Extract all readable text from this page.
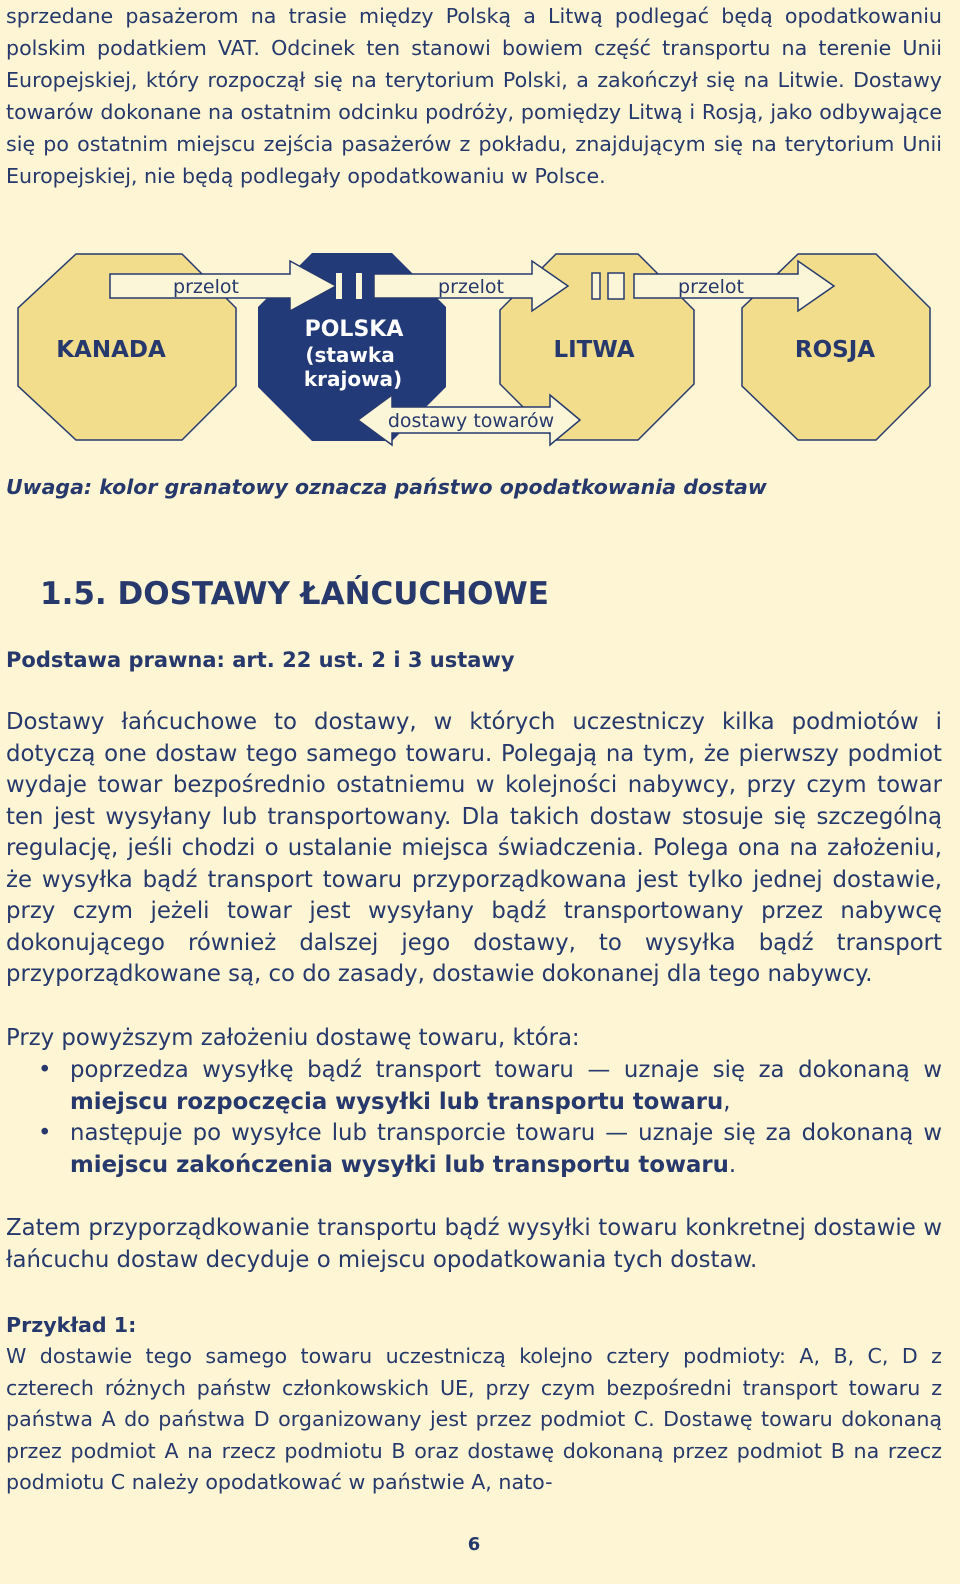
sprzedane pasażerom na trasie między Polską a Litwą podlegać będą opodatkowaniu polskim podatkiem VAT. Odcinek ten stanowi bowiem część transportu na terenie Unii Europejskiej, który rozpoczął się na terytorium Polski, a zakończył się na Litwie. Dostawy towarów dokonane na ostatnim odcinku podróży, pomiędzy Litwą i Rosją, jako odbywające się po ostatnim miejscu zejścia pasażerów z pokładu, znajdującym się na terytorium Unii Europejskiej, nie będą podlegały opodatkowaniu w Polsce.

przelot	przelot	przelot
dostawy towarów
KANADA
POLSKA
(stawka
krajowa)
LITWA	ROSJA
Uwaga: kolor granatowy oznacza państwo opodatkowania dostaw
1.5. DOSTAWY ŁAŃCUCHOWE
Podstawa prawna: art. 22 ust. 2 i 3 ustawy

Dostawy łańcuchowe to dostawy, w których uczestniczy kilka podmiotów i dotyczą one dostaw tego samego towaru. Polegają na tym, że pierwszy podmiot wydaje towar bezpośrednio ostatniemu w kolejności nabywcy, przy czym towar ten jest wysyłany lub transportowany. Dla takich dostaw stosuje się szczególną regulację, jeśli chodzi o ustalanie miejsca świadczenia. Polega ona na założeniu, że wysyłka bądź transport towaru przyporządkowana jest tylko jednej dostawie, przy czym jeżeli towar jest wysyłany bądź transportowany przez nabywcę dokonującego również dalszej jego dostawy, to wysyłka bądź transport przyporządkowane są, co do zasady, dostawie dokonanej dla tego nabywcy.

Przy powyższym założeniu dostawę towaru, która:

• poprzedza wysyłkę bądź transport towaru — uznaje się za dokonaną w miejscu rozpoczęcia wysyłki lub transportu towaru,
• następuje po wysyłce lub transporcie towaru — uznaje się za dokonaną w miejscu zakończenia wysyłki lub transportu towaru.

Zatem przyporządkowanie transportu bądź wysyłki towaru konkretnej dostawie w łańcuchu dostaw decyduje o miejscu opodatkowania tych dostaw.

Przykład 1:

W dostawie tego samego towaru uczestniczą kolejno cztery podmioty: A, B, C, D z czterech różnych państw członkowskich UE, przy czym bezpośredni transport towaru z państwa A do państwa D organizowany jest przez podmiot C. Dostawę towaru dokonaną przez podmiot A na rzecz podmiotu B oraz dostawę dokonaną przez podmiot B na rzecz podmiotu C należy opodatkować w państwie A, nato-

6
